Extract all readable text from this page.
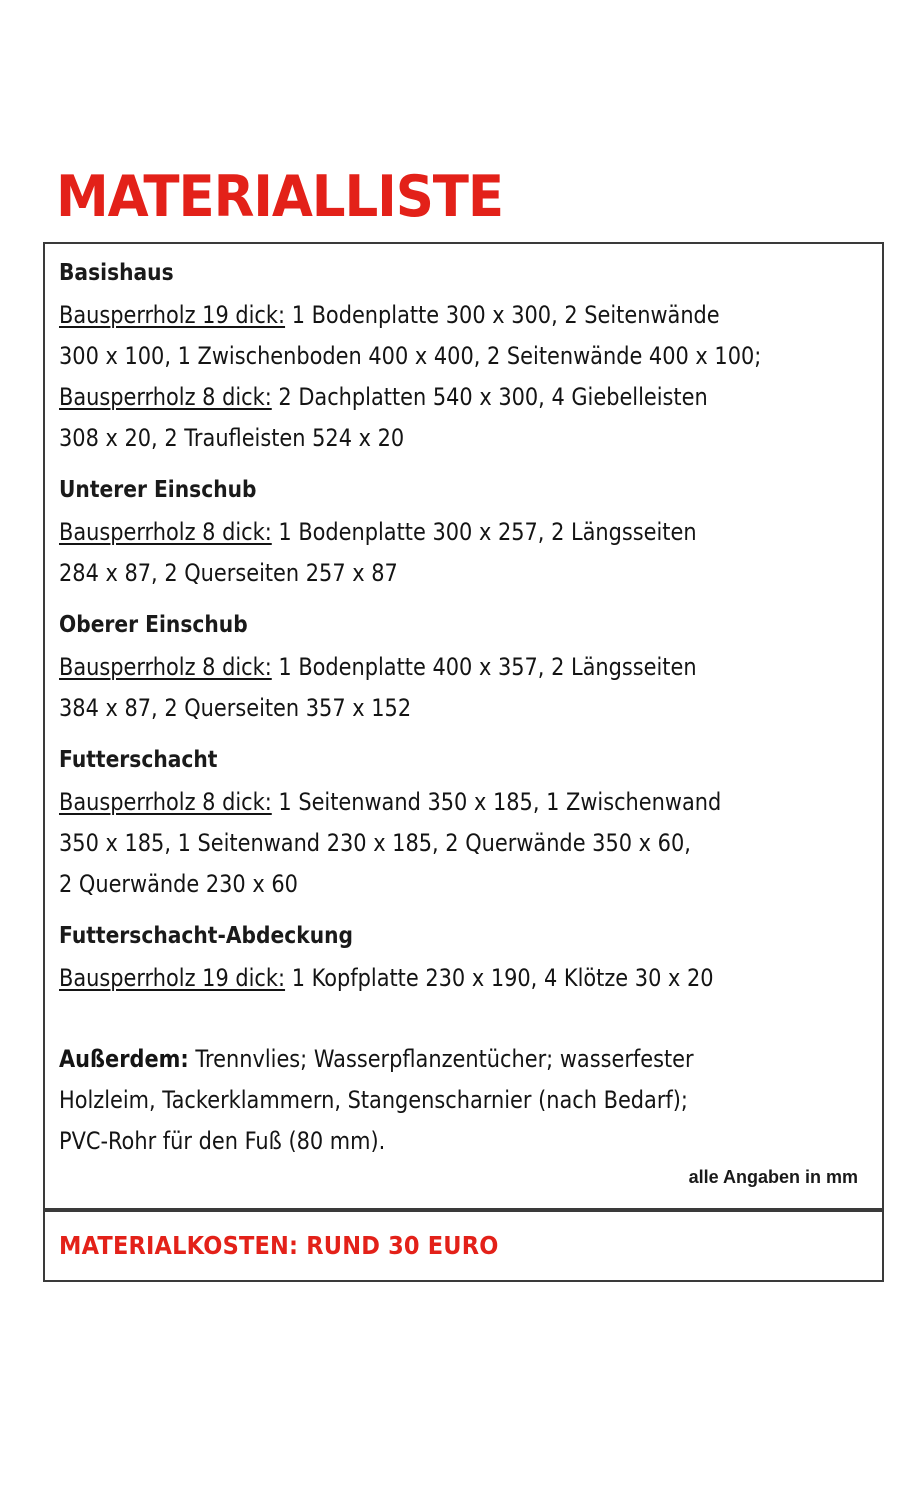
MATERIALLISTE
Basishaus
Bausperrholz 19 dick: 1 Bodenplatte 300 x 300, 2 Seitenwände
300 x 100, 1 Zwischenboden 400 x 400, 2 Seitenwände 400 x 100;
Bausperrholz 8 dick: 2 Dachplatten 540 x 300, 4 Giebelleisten
308 x 20, 2 Traufleisten 524 x 20
Unterer Einschub
Bausperrholz 8 dick: 1 Bodenplatte 300 x 257, 2 Längsseiten
284 x 87, 2 Querseiten 257 x 87
Oberer Einschub
Bausperrholz 8 dick: 1 Bodenplatte 400 x 357, 2 Längsseiten
384 x 87, 2 Querseiten 357 x 152
Futterschacht
Bausperrholz 8 dick: 1 Seitenwand 350 x 185, 1 Zwischenwand
350 x 185, 1 Seitenwand 230 x 185, 2 Querwände 350 x 60,
2 Querwände 230 x 60
Futterschacht-Abdeckung
Bausperrholz 19 dick: 1 Kopfplatte 230 x 190, 4 Klötze 30 x 20
Außerdem: Trennvlies; Wasserpflanzentücher; wasserfester
Holzleim, Tackerklammern, Stangenscharnier (nach Bedarf);
PVC-Rohr für den Fuß (80 mm).
alle Angaben in mm
MATERIALKOSTEN: RUND 30 EURO
